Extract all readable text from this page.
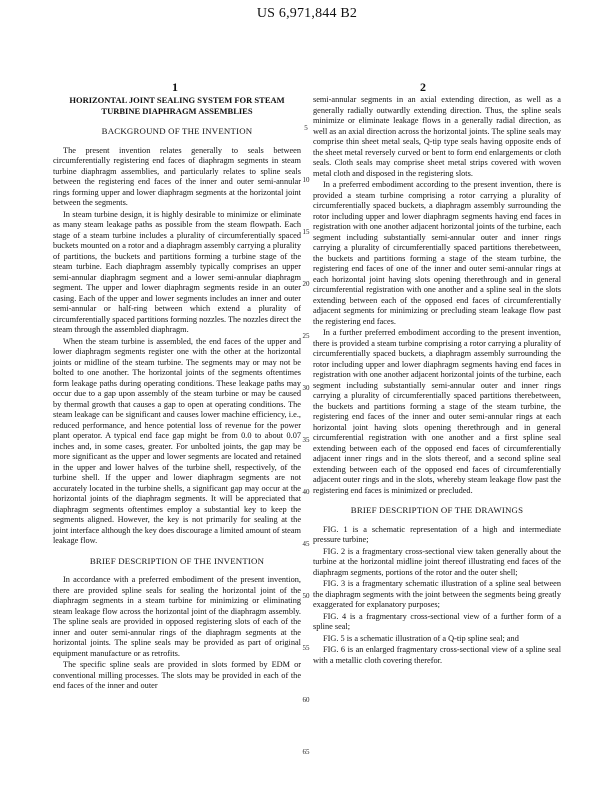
US 6,971,844 B2
1	2
HORIZONTAL JOINT SEALING SYSTEM FOR STEAM TURBINE DIAPHRAGM ASSEMBLIES
BACKGROUND OF THE INVENTION

The present invention relates generally to seals between circumferentially registering end faces of diaphragm segments in steam turbine diaphragm assemblies, and particularly relates to spline seals between the registering end faces of the inner and outer semi-annular rings forming upper and lower diaphragm segments at the horizontal joint between the segments.

In steam turbine design, it is highly desirable to minimize or eliminate as many steam leakage paths as possible from the steam flowpath. Each stage of a steam turbine includes a plurality of circumferentially spaced buckets mounted on a rotor and a diaphragm assembly carrying a plurality of partitions, the buckets and partitions forming a turbine stage of the steam turbine. Each diaphragm assembly typically comprises an upper semi-annular diaphragm segment and a lower semi-annular diaphragm segment. The upper and lower diaphragm segments reside in an outer casing. Each of the upper and lower segments includes an inner and outer semi-annular or half-ring between which extend a plurality of circumferentially spaced partitions forming nozzles. The nozzles direct the steam through the assembled diaphragm.

When the steam turbine is assembled, the end faces of the upper and lower diaphragm segments register one with the other at the horizontal joints or midline of the steam turbine. The segments may or may not be bolted to one another. The horizontal joints of the segments oftentimes form leakage paths during operating conditions. These leakage paths may occur due to a gap upon assembly of the steam turbine or may be caused by thermal growth that causes a gap to open at operating conditions. The steam leakage can be significant and causes lower machine efficiency, i.e., reduced performance, and hence potential loss of revenue for the power plant operator. A typical end face gap might be from 0.0 to about 0.07 inches and, in some cases, greater. For unbolted joints, the gap may be more significant as the upper and lower segments are located and retained in the upper and lower halves of the turbine shell, respectively, of the turbine shell. If the upper and lower diaphragm segments are not accurately located in the turbine shells, a significant gap may occur at the horizontal joints of the diaphragm segments. It will be appreciated that diaphragm segments oftentimes employ a substantial key to keep the segments aligned. However, the key is not primarily for sealing at the joint interface although the key does discourage a limited amount of steam leakage flow.

BRIEF DESCRIPTION OF THE INVENTION

In accordance with a preferred embodiment of the present invention, there are provided spline seals for sealing the horizontal joint of the diaphragm segments in a steam turbine for minimizing or eliminating steam leakage flow across the horizontal joint of the diaphragm assembly. The spline seals are provided in opposed registering slots of each of the inner and outer semi-annular rings of the diaphragm segments at the horizontal joints. The spline seals may be provided as part of original equipment manufacture or as retrofits.

The specific spline seals are provided in slots formed by EDM or conventional milling processes. The slots may be provided in each of the end faces of the inner and outer

semi-annular segments in an axial extending direction, as well as a generally radially outwardly extending direction. Thus, the spline seals minimize or eliminate leakage flows in a generally radial direction, as well as an axial direction across the horizontal joints. The spline seals may comprise thin sheet metal seals, Q-tip type seals having opposite ends of the sheet metal reversely curved or bent to form end enlargements or cloth seals. Cloth seals may comprise sheet metal strips covered with woven metal cloth and disposed in the registering slots.

In a preferred embodiment according to the present invention, there is provided a steam turbine comprising a rotor carrying a plurality of circumferentially spaced buckets, a diaphragm assembly surrounding the rotor including upper and lower diaphragm segments having end faces in registration with one another adjacent horizontal joints of the turbine, each segment including substantially semi-annular outer and inner rings carrying a plurality of circumferentially spaced partitions therebetween, the buckets and partitions forming a stage of the steam turbine, the registering end faces of one of the inner and outer semi-annular rings at each horizontal joint having slots opening therethrough and in general circumferential registration with one another and a spline seal in the slots extending between each of the opposed end faces of circumferentially adjacent segments for minimizing or precluding steam leakage flow past the registering end faces.

In a further preferred embodiment according to the present invention, there is provided a steam turbine comprising a rotor carrying a plurality of circumferentially spaced buckets, a diaphragm assembly surrounding the rotor including upper and lower diaphragm segments having end faces in registration with one another adjacent horizontal joints of the turbine, each segment including substantially semi-annular outer and inner rings carrying a plurality of circumferentially spaced partitions therebetween, the buckets and partitions forming a stage of the steam turbine, the registering end faces of the inner and outer semi-annular rings at each horizontal joint having slots opening therethrough and in general circumferential registration with one another and a first spline seal extending between each of the opposed end faces of circumferentially adjacent inner rings and in the slots thereof, and a second spline seal extending between each of the opposed end faces of circumferentially adjacent outer rings and in the slots, whereby steam leakage flow past the registering end faces is minimized or precluded.

BRIEF DESCRIPTION OF THE DRAWINGS

FIG. 1 is a schematic representation of a high and intermediate pressure turbine;

FIG. 2 is a fragmentary cross-sectional view taken generally about the turbine at the horizontal midline joint thereof illustrating end faces of the diaphragm segments, portions of the rotor and the outer shell;

FIG. 3 is a fragmentary schematic illustration of a spline seal between the diaphragm segments with the joint between the segments being greatly exaggerated for explanatory purposes;

FIG. 4 is a fragmentary cross-sectional view of a further form of a spline seal;

FIG. 5 is a schematic illustration of a Q-tip spline seal; and

FIG. 6 is an enlarged fragmentary cross-sectional view of a spline seal with a metallic cloth covering therefor.

5
10
15
20
25
30
35
40
45
50
55
60
65
